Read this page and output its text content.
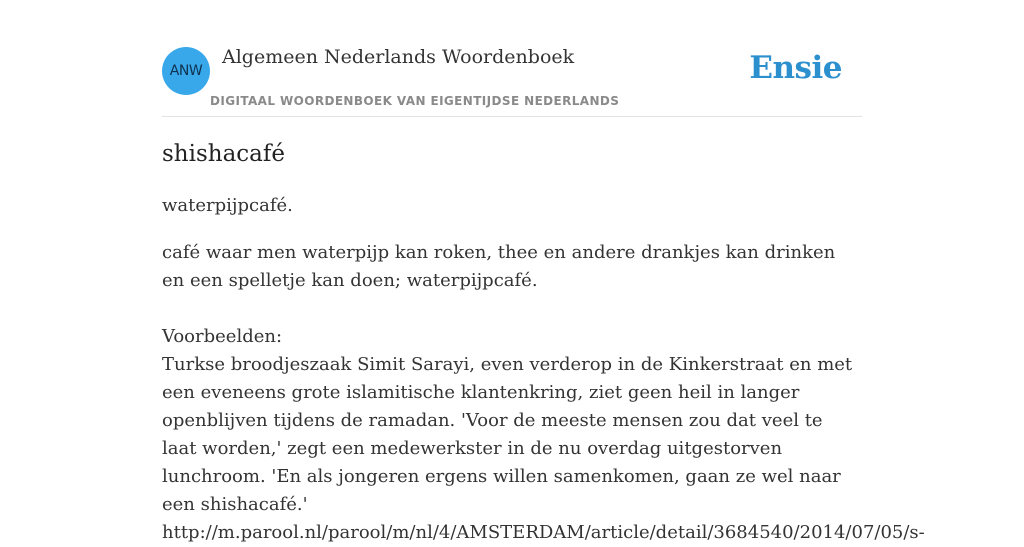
ANW
Algemeen Nederlands Woordenboek
DIGITAAL WOORDENBOEK VAN EIGENTIJDSE NEDERLANDS
Ensie
shishacafé

waterpijpcafé.

café waar men waterpijp kan roken, thee en andere drankjes kan drinken en een spelletje kan doen; waterpijpcafé.

Voorbeelden:

Turkse broodjeszaak Simit Sarayi, even verderop in de Kinkerstraat en met een eveneens grote islamitische klantenkring, ziet geen heil in langer openblijven tijdens de ramadan. 'Voor de meeste mensen zou dat veel te laat worden,' zegt een medewerkster in de nu overdag uitgestorven lunchroom. 'En als jongeren ergens willen samenkomen, gaan ze wel naar een shishacafé.'

http://m.parool.nl/parool/m/nl/4/AMSTERDAM/article/detail/3684540/2014/07/05/s-
